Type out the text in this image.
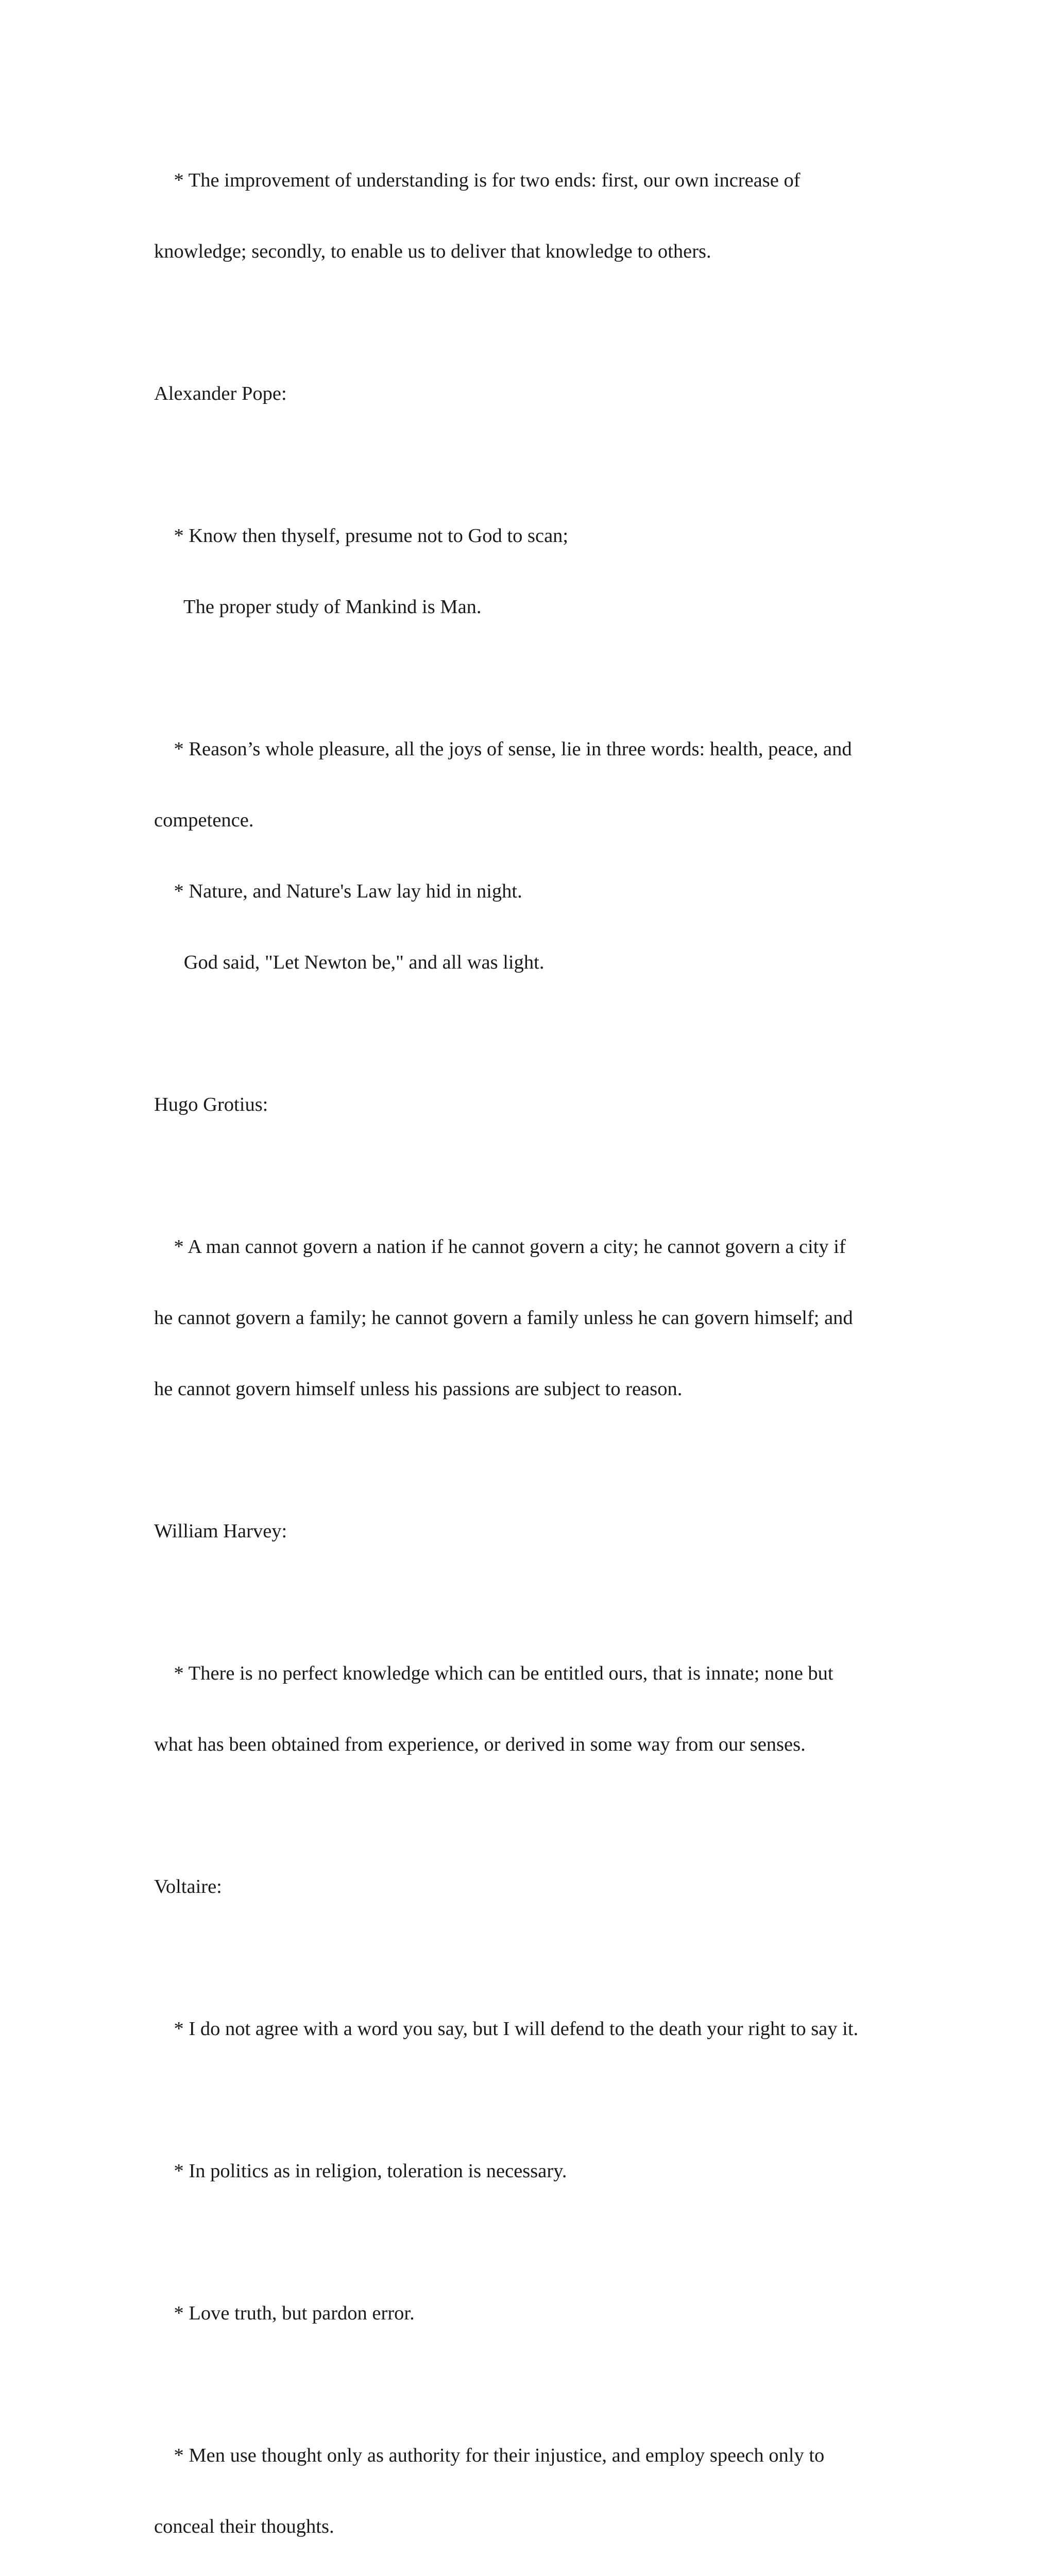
* The improvement of understanding is for two ends: first, our own increase of

knowledge; secondly, to enable us to deliver that knowledge to others.

Alexander Pope:

* Know then thyself, presume not to God to scan;

The proper study of Mankind is Man.

* Reason’s whole pleasure, all the joys of sense, lie in three words: health, peace, and

competence.

* Nature, and Nature's Law lay hid in night.

God said, "Let Newton be," and all was light.

Hugo Grotius:

* A man cannot govern a nation if he cannot govern a city; he cannot govern a city if

he cannot govern a family; he cannot govern a family unless he can govern himself; and

he cannot govern himself unless his passions are subject to reason.

William Harvey:

* There is no perfect knowledge which can be entitled ours, that is innate; none but

what has been obtained from experience, or derived in some way from our senses.

Voltaire:

* I do not agree with a word you say, but I will defend to the death your right to say it.

* In politics as in religion, toleration is necessary.

* Love truth, but pardon error.

* Men use thought only as authority for their injustice, and employ speech only to

conceal their thoughts.
